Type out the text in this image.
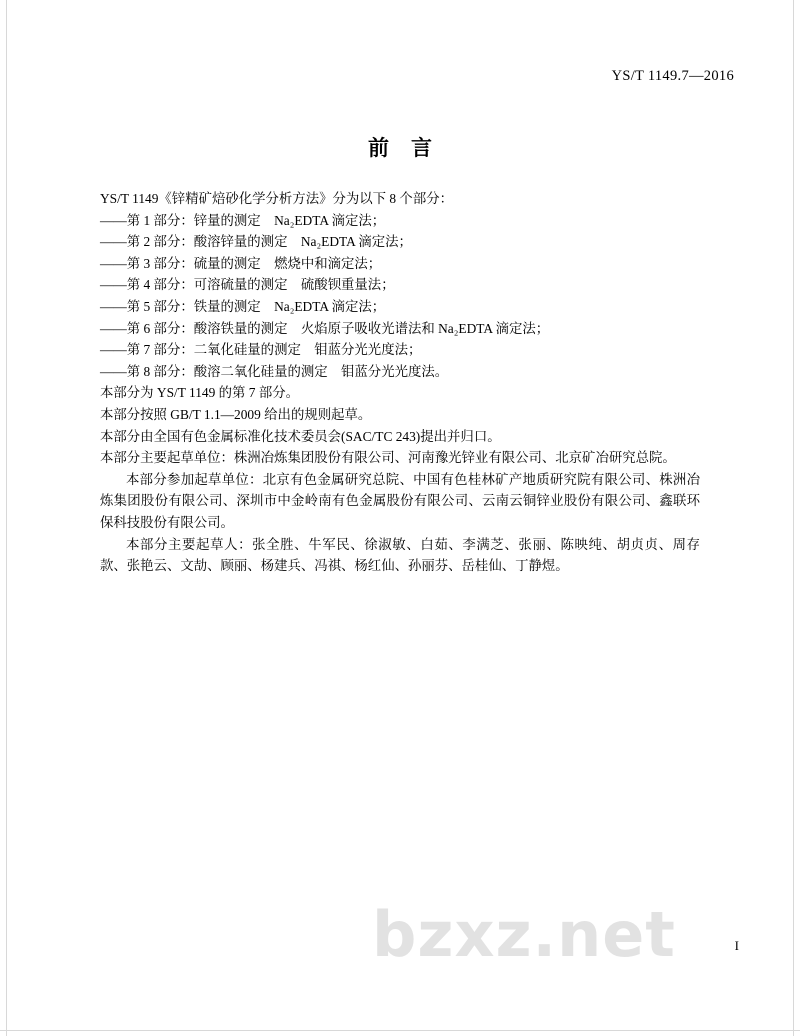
YS/T 1149.7—2016
前言

YS/T 1149《锌精矿焙砂化学分析方法》分为以下 8 个部分：

——第 1 部分：锌量的测定　Na₂EDTA 滴定法；

——第 2 部分：酸溶锌量的测定　Na₂EDTA 滴定法；

——第 3 部分：硫量的测定　燃烧中和滴定法；

——第 4 部分：可溶硫量的测定　硫酸钡重量法；

——第 5 部分：铁量的测定　Na₂EDTA 滴定法；

——第 6 部分：酸溶铁量的测定　火焰原子吸收光谱法和 Na₂EDTA 滴定法；

——第 7 部分：二氧化硅量的测定　钼蓝分光光度法；

——第 8 部分：酸溶二氧化硅量的测定　钼蓝分光光度法。

本部分为 YS/T 1149 的第 7 部分。

本部分按照 GB/T 1.1—2009 给出的规则起草。

本部分由全国有色金属标准化技术委员会(SAC/TC 243)提出并归口。

本部分主要起草单位：株洲冶炼集团股份有限公司、河南豫光锌业有限公司、北京矿冶研究总院。

本部分参加起草单位：北京有色金属研究总院、中国有色桂林矿产地质研究院有限公司、株洲冶炼集团股份有限公司、深圳市中金岭南有色金属股份有限公司、云南云铜锌业股份有限公司、鑫联环保科技股份有限公司。

本部分主要起草人：张全胜、牛军民、徐淑敏、白茹、李满芝、张丽、陈映纯、胡贞贞、周存款、张艳云、文劼、顾丽、杨建兵、冯祺、杨红仙、孙丽芬、岳桂仙、丁静煜。

bzxz.net	I
